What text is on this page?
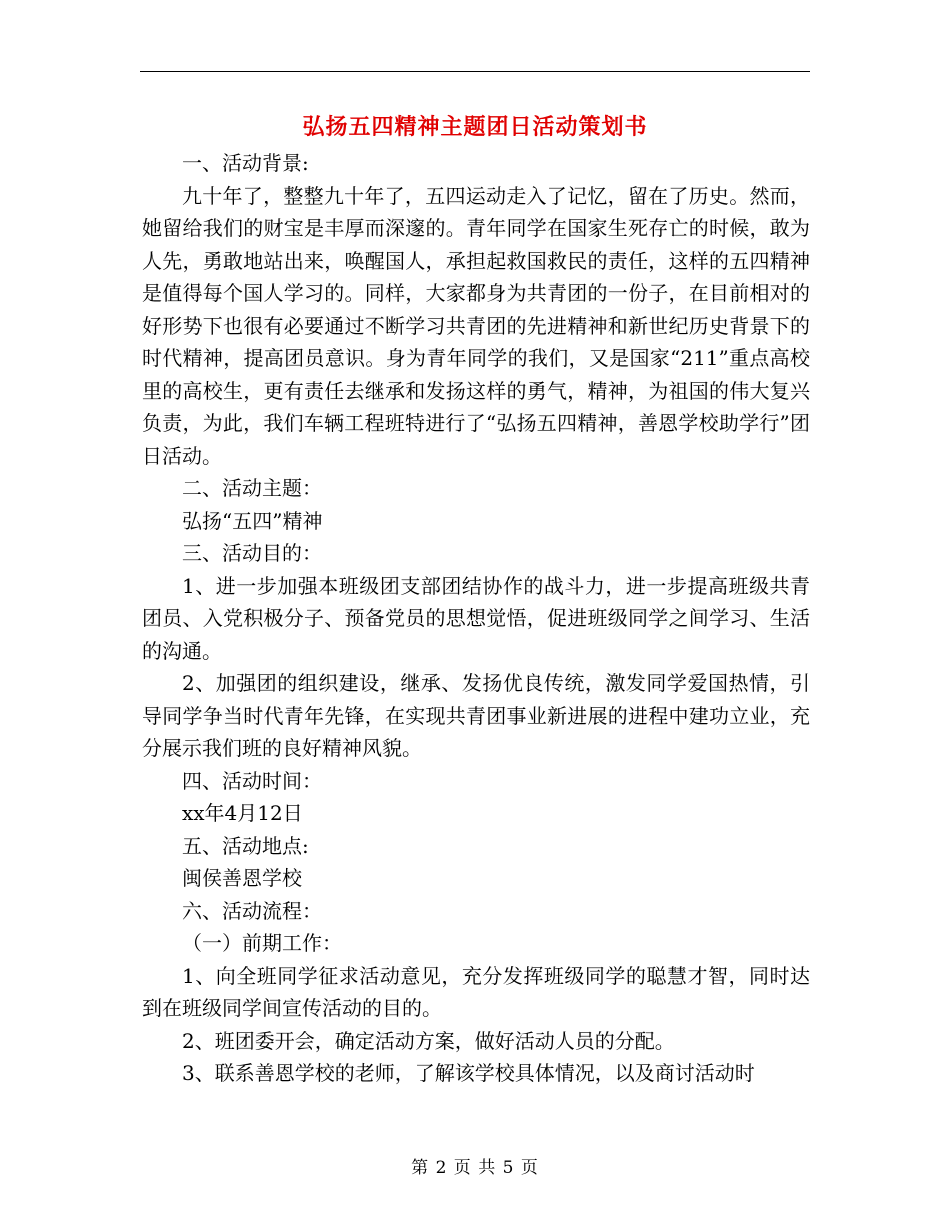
弘扬五四精神主题团日活动策划书

一、活动背景:

九十年了，整整九十年了，五四运动走入了记忆，留在了历史。然而，她留给我们的财宝是丰厚而深邃的。青年同学在国家生死存亡的时候，敢为人先，勇敢地站出来，唤醒国人，承担起救国救民的责任，这样的五四精神是值得每个国人学习的。同样，大家都身为共青团的一份子，在目前相对的好形势下也很有必要通过不断学习共青团的先进精神和新世纪历史背景下的时代精神，提高团员意识。身为青年同学的我们，又是国家“211”重点高校里的高校生，更有责任去继承和发扬这样的勇气，精神，为祖国的伟大复兴负责，为此，我们车辆工程班特进行了“弘扬五四精神，善恩学校助学行”团日活动。

二、活动主题：

弘扬“五四”精神

三、活动目的：

1、进一步加强本班级团支部团结协作的战斗力，进一步提高班级共青团员、入党积极分子、预备党员的思想觉悟，促进班级同学之间学习、生活的沟通。

2、加强团的组织建设，继承、发扬优良传统，激发同学爱国热情，引导同学争当时代青年先锋，在实现共青团事业新进展的进程中建功立业，充分展示我们班的良好精神风貌。

四、活动时间：

xx年4月12日

五、活动地点:

闽侯善恩学校

六、活动流程：

（一）前期工作：

1、向全班同学征求活动意见，充分发挥班级同学的聪慧才智，同时达到在班级同学间宣传活动的目的。

2、班团委开会，确定活动方案，做好活动人员的分配。

3、联系善恩学校的老师，了解该学校具体情况，以及商讨活动时

第 2 页 共 5 页
